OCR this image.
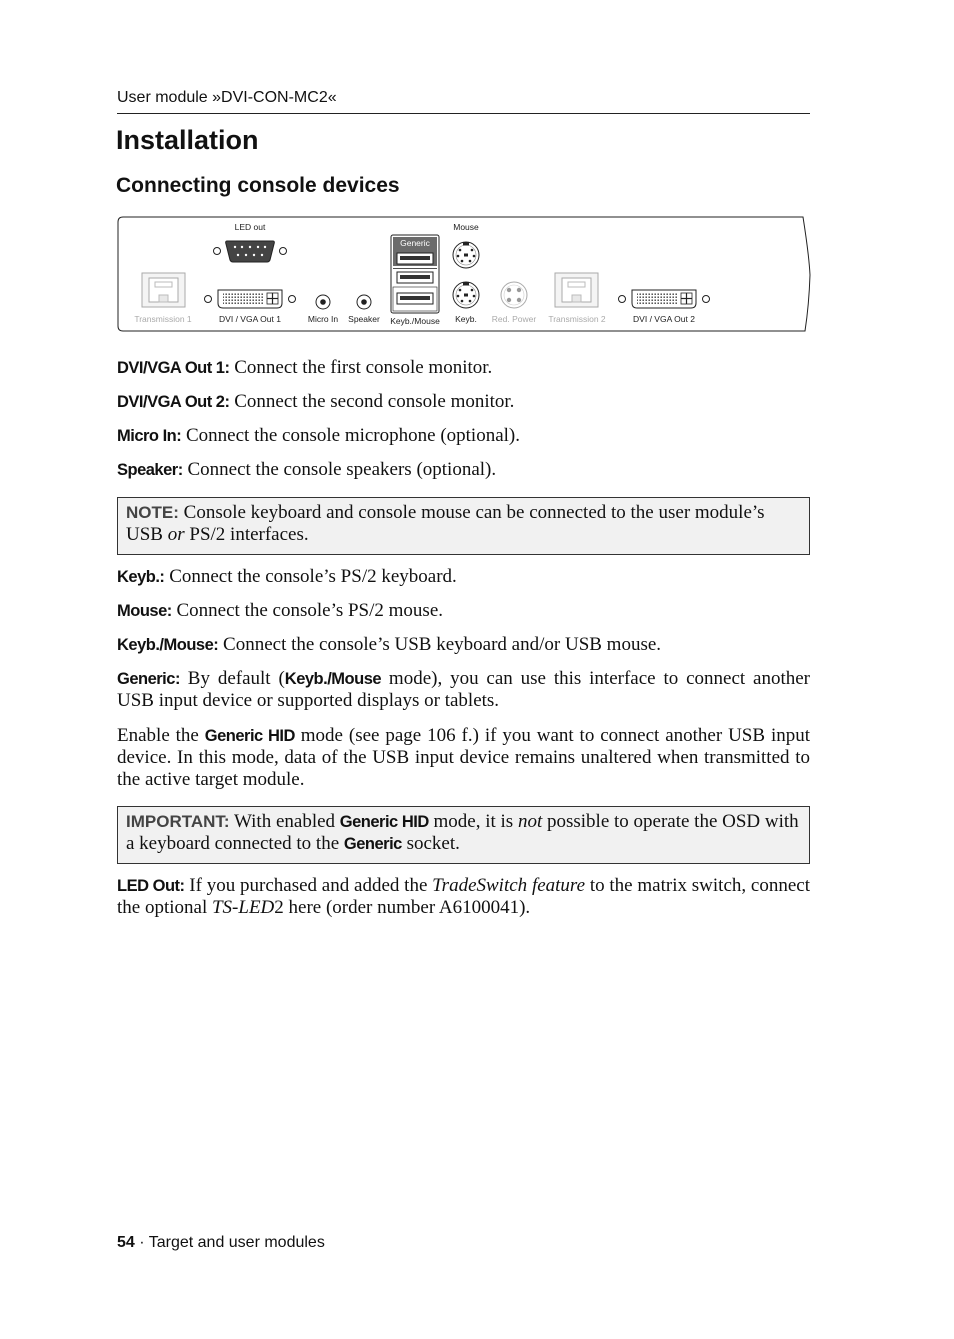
User module »DVI-CON-MC2«
Installation
Connecting console devices
Transmission 1
LED out
DVI / VGA Out 1	Micro In Speaker
Generic
Keyb./Mouse
Mouse
Keyb. Red. Power Transmission 2	DVI / VGA Out 2

DVI/VGA Out 1: Connect the first console monitor.

DVI/VGA Out 2: Connect the second console monitor.

Micro In: Connect the console microphone (optional).

Speaker: Connect the console speakers (optional).

NOTE: Console keyboard and console mouse can be connected to the user module’s USB or PS/2 interfaces.

Keyb.: Connect the console’s PS/2 keyboard.

Mouse: Connect the console’s PS/2 mouse.

Keyb./Mouse: Connect the console’s USB keyboard and/or USB mouse.

Generic: By default (Keyb./Mouse mode), you can use this interface to connect another USB input device or supported displays or tablets.

Enable the Generic HID mode (see page 106 f.) if you want to connect another USB input device. In this mode, data of the USB input device remains unaltered when transmitted to the active target module.

IMPORTANT: With enabled Generic HID mode, it is not possible to operate the OSD with a keyboard connected to the Generic socket.

LED Out: If you purchased and added the TradeSwitch feature to the matrix switch, connect the optional TS-LED2 here (order number A6100041).

54 · Target and user modules
